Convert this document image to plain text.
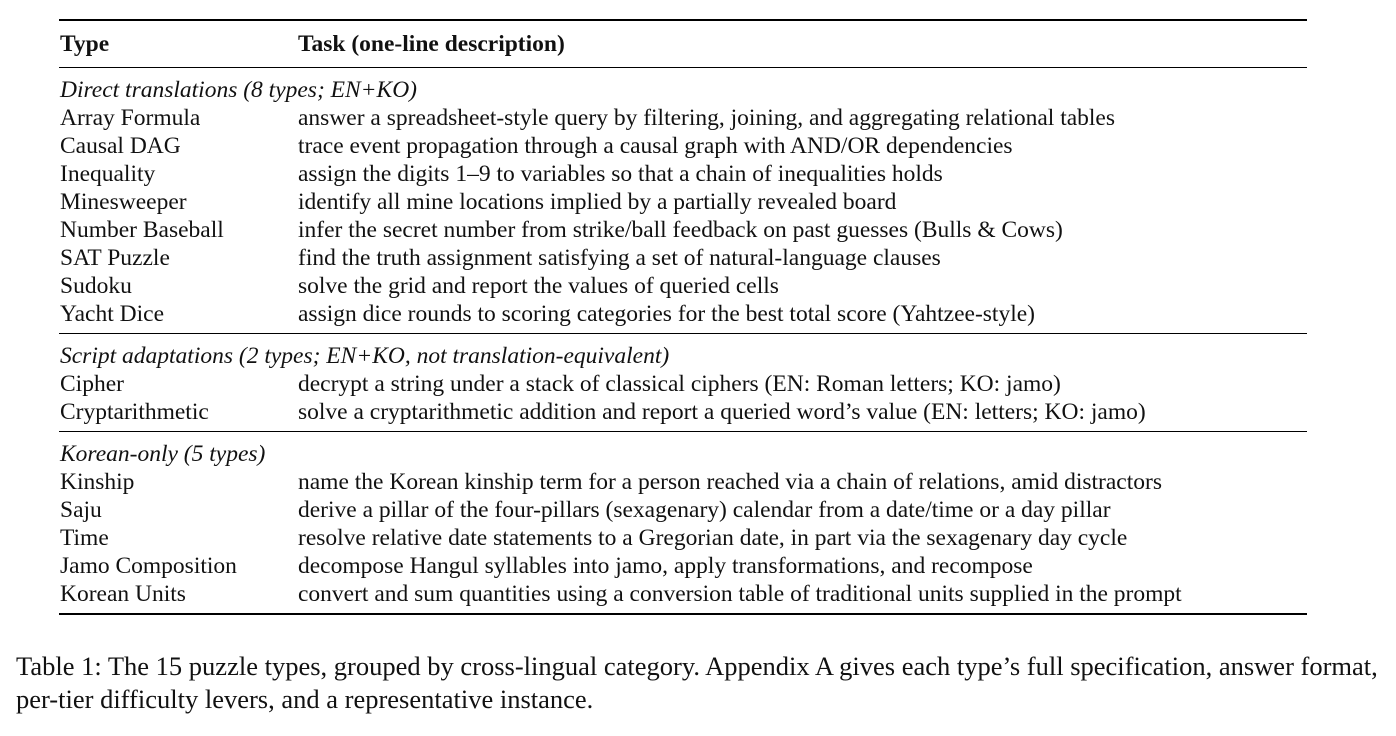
Type	Task (one-line description)
Direct translations (8 types; EN+KO)
Array Formula	answer a spreadsheet-style query by filtering, joining, and aggregating relational tables
Causal DAG	trace event propagation through a causal graph with AND/OR dependencies
Inequality	assign the digits 1–9 to variables so that a chain of inequalities holds
Minesweeper	identify all mine locations implied by a partially revealed board
Number Baseball	infer the secret number from strike/ball feedback on past guesses (Bulls & Cows)
SAT Puzzle	find the truth assignment satisfying a set of natural-language clauses
Sudoku	solve the grid and report the values of queried cells
Yacht Dice	assign dice rounds to scoring categories for the best total score (Yahtzee-style)
Script adaptations (2 types; EN+KO, not translation-equivalent)
Cipher	decrypt a string under a stack of classical ciphers (EN: Roman letters; KO: jamo)
Cryptarithmetic	solve a cryptarithmetic addition and report a queried word’s value (EN: letters; KO: jamo)
Korean-only (5 types)
Kinship	name the Korean kinship term for a person reached via a chain of relations, amid distractors
Saju	derive a pillar of the four-pillars (sexagenary) calendar from a date/time or a day pillar
Time	resolve relative date statements to a Gregorian date, in part via the sexagenary day cycle
Jamo Composition	decompose Hangul syllables into jamo, apply transformations, and recompose
Korean Units	convert and sum quantities using a conversion table of traditional units supplied in the prompt
Table 1: The 15 puzzle types, grouped by cross-lingual category. Appendix A gives each type’s full specification, answer format, per-tier difficulty levers, and a representative instance.
